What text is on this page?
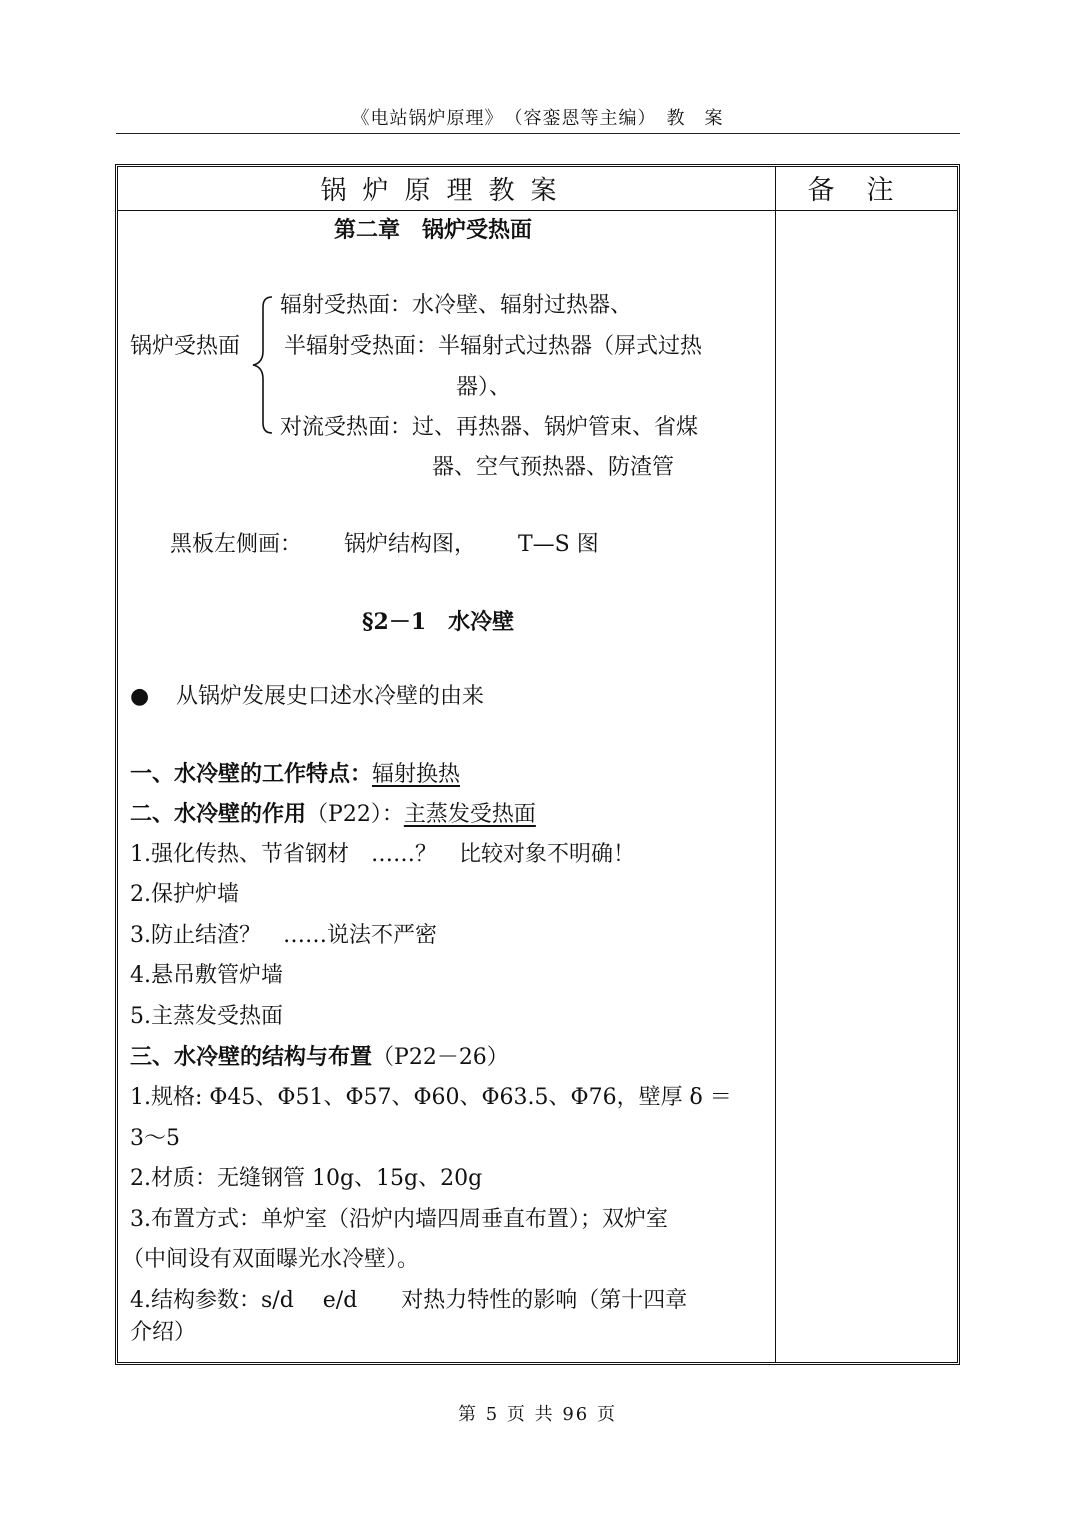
《电站锅炉原理》　（容銮恩等主编）　教　案
锅炉原理教案	备注
第二章　锅炉受热面
锅炉受热面
辐射受热面：水冷壁、辐射过热器、
半辐射受热面：半辐射式过热器（屏式过热
器）、
对流受热面：过、再热器、锅炉管束、省煤
器、空气预热器、防渣管
黑板左侧画： 锅炉结构图， T—S 图
§2－1　水冷壁
● 从锅炉发展史口述水冷壁的由来
一、水冷壁的工作特点：辐射换热
二、水冷壁的作用（P22）：主蒸发受热面
1.强化传热、节省钢材　……？　比较对象不明确！
2.保护炉墙
3.防止结渣？　……说法不严密
4.悬吊敷管炉墙
5.主蒸发受热面
三、水冷壁的结构与布置（P22－26）
1.规格: Φ45、Φ51、Φ57、Φ60、Φ63.5、Φ76，壁厚 δ ＝
3～5
2.材质：无缝钢管 10g、15g、20g
3.布置方式：单炉室（沿炉内墙四周垂直布置）；双炉室
（中间设有双面曝光水冷壁）。
4.结构参数：s/d　 e/d　　对热力特性的影响（第十四章
介绍）
第 5 页 共 96 页
